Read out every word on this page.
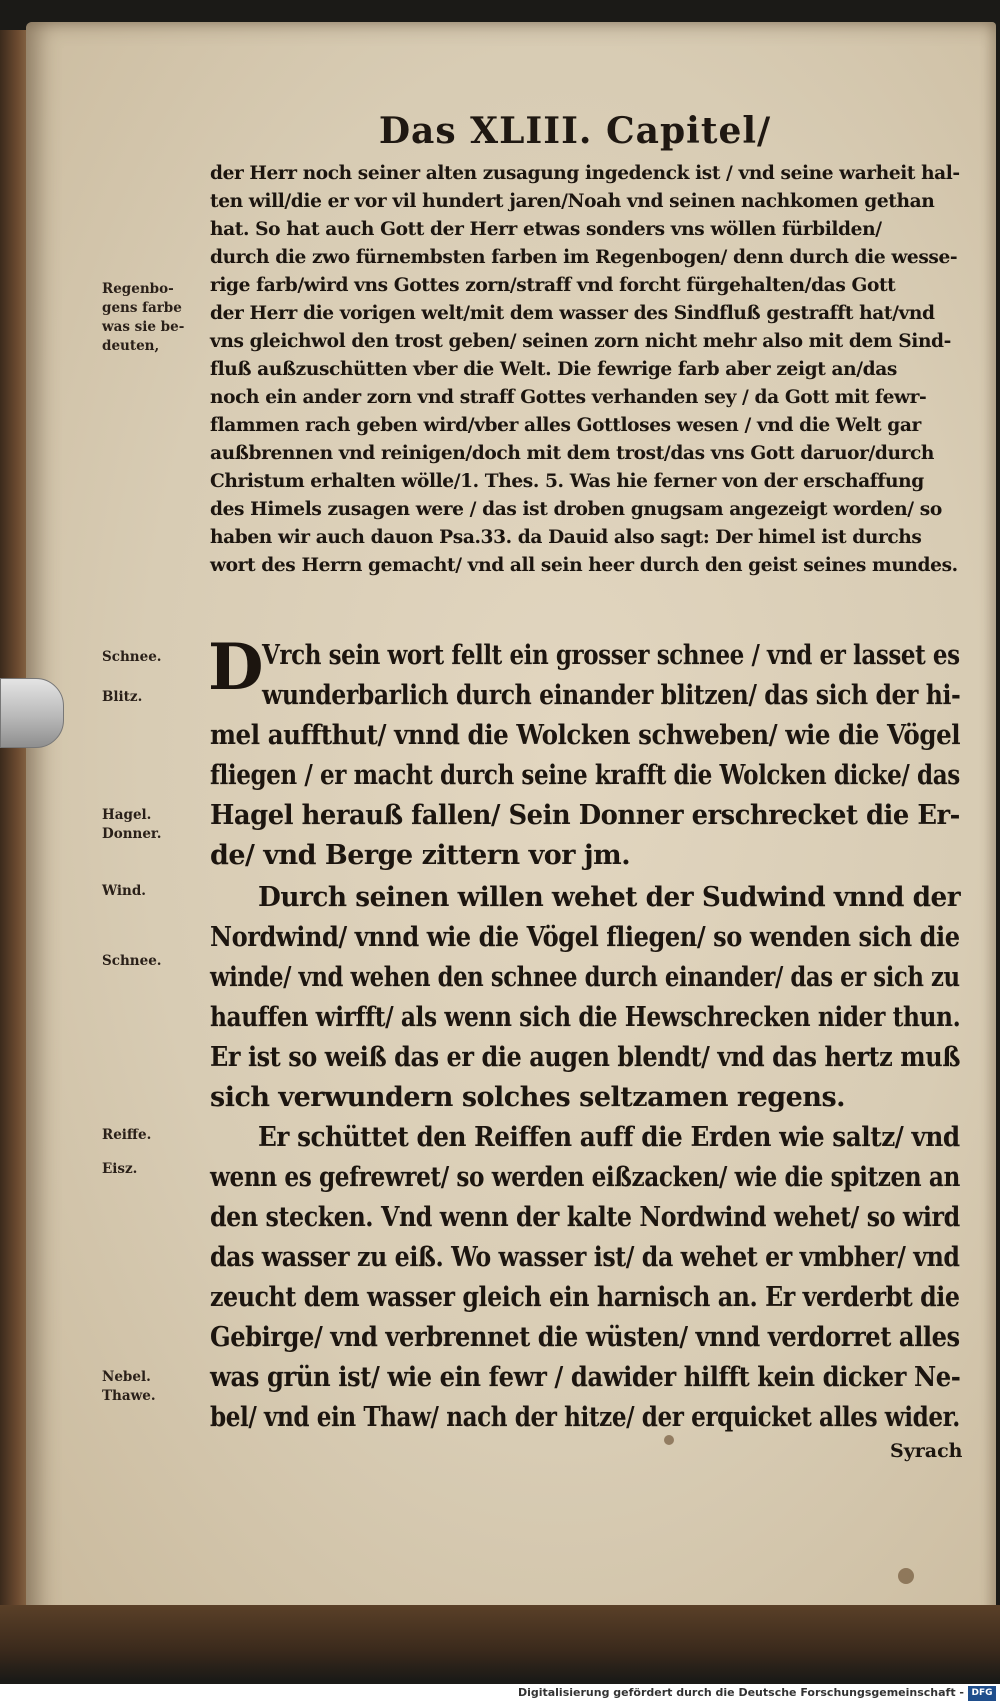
Das XLIII. Capitel/
Regenbo-
gens farbe
was sie be-
deuten,
Schnee.
Blitz.
Hagel.
Donner.
Wind.
Schnee.
Reiffe.
Eisz.
Nebel.
Thawe.
der Herr noch seiner alten zusagung ingedenck ist / vnd seine warheit hal-
ten will/die er vor vil hundert jaren/Noah vnd seinen nachkomen gethan
hat. So hat auch Gott der Herr etwas sonders vns wöllen fürbilden/
durch die zwo fürnembsten farben im Regenbogen/ denn durch die wesse-
rige farb/wird vns Gottes zorn/straff vnd forcht fürgehalten/das Gott
der Herr die vorigen welt/mit dem wasser des Sindfluß gestrafft hat/vnd
vns gleichwol den trost geben/ seinen zorn nicht mehr also mit dem Sind-
fluß außzuschütten vber die Welt. Die fewrige farb aber zeigt an/das
noch ein ander zorn vnd straff Gottes verhanden sey / da Gott mit fewr-
flammen rach geben wird/vber alles Gottloses wesen / vnd die Welt gar
außbrennen vnd reinigen/doch mit dem trost/das vns Gott daruor/durch
Christum erhalten wölle/1. Thes. 5. Was hie ferner von der erschaffung
des Himels zusagen were / das ist droben gnugsam angezeigt worden/ so
haben wir auch dauon Psa.33. da Dauid also sagt: Der himel ist durchs
wort des Herrn gemacht/ vnd all sein heer durch den geist seines mundes.
D
Vrch sein wort fellt ein grosser schnee / vnd er lasset es
wunderbarlich durch einander blitzen/ das sich der hi-
mel auffthut/ vnnd die Wolcken schweben/ wie die Vögel
fliegen / er macht durch seine krafft die Wolcken dicke/ das
Hagel herauß fallen/ Sein Donner erschrecket die Er-
de/ vnd Berge zittern vor jm.
Durch seinen willen wehet der Sudwind vnnd der
Nordwind/ vnnd wie die Vögel fliegen/ so wenden sich die
winde/ vnd wehen den schnee durch einander/ das er sich zu
hauffen wirfft/ als wenn sich die Hewschrecken nider thun.
Er ist so weiß das er die augen blendt/ vnd das hertz muß
sich verwundern solches seltzamen regens.
Er schüttet den Reiffen auff die Erden wie saltz/ vnd
wenn es gefrewret/ so werden eißzacken/ wie die spitzen an
den stecken. Vnd wenn der kalte Nordwind wehet/ so wird
das wasser zu eiß. Wo wasser ist/ da wehet er vmbher/ vnd
zeucht dem wasser gleich ein harnisch an. Er verderbt die
Gebirge/ vnd verbrennet die wüsten/ vnnd verdorret alles
was grün ist/ wie ein fewr / dawider hilfft kein dicker Ne-
bel/ vnd ein Thaw/ nach der hitze/ der erquicket alles wider.
Syrach
Digitalisierung gefördert durch die Deutsche Forschungsgemeinschaft - DFG
